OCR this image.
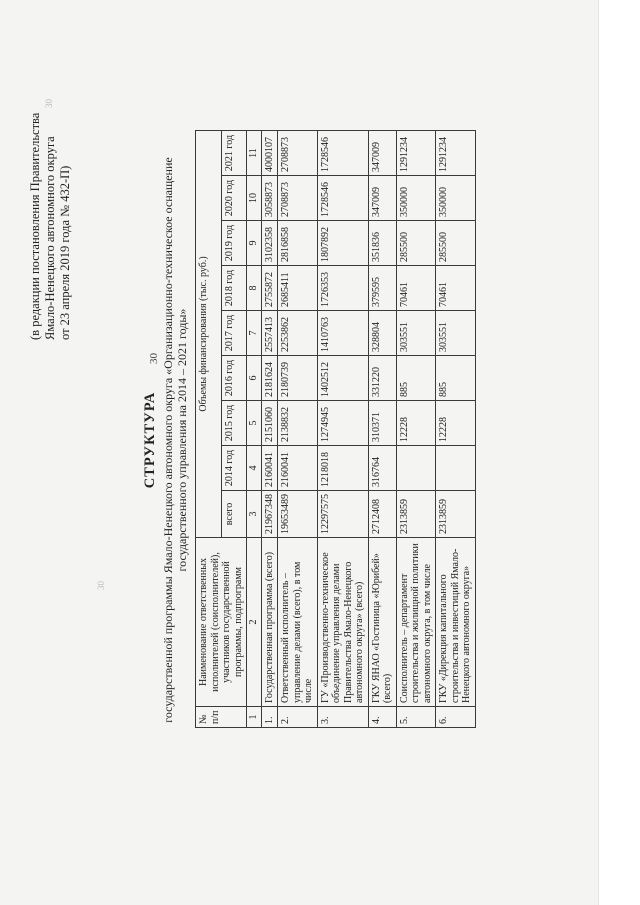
30
30
30
(в редакции постановления Правительства Ямало-Ненецкого автономного округа от 23 апреля 2019 года № 432-П)
СТРУКТУРА государственной программы Ямало-Ненецкого автономного округа «Организационно-техническое оснащение государственного управления на 2014 – 2021 годы»
№ п/п	Наименование ответственных исполнителей (соисполнителей), участников государственной программы, подпрограмм	Объемы финансирования (тыс. руб.)								
		всего	2014 год	2015 год	2016 год	2017 год	2018 год	2019 год	2020 год	2021 год
1	2	3	4	5	6	7	8	9	10	11
1.	Государственная программа (всего)	21967348	2160041	2151060	2181624	2557413	2755872	3102358	3058873	4000107
2.	Ответственный исполнитель – управление делами (всего), в том числе	19653489	2160041	2138832	2180739	2253862	2685411	2816858	2708873	2708873
3.	ГУ «Производственно-техническое объединение управления делами Правительства Ямало-Ненецкого автономного округа» (всего)	12297575	1218018	1274945	1402512	1410763	1726353	1807892	1728546	1728546
4.	ГКУ ЯНАО «Гостиница «Юрибей» (всего)	2712408	316764	310371	331220	328804	379595	351836	347009	347009
5.	Соисполнитель – департамент строительства и жилищной политики автономного округа, в том числе	2313859		12228	885	303551	70461	285500	350000	1291234
6.	ГКУ «Дирекция капитального строительства и инвестиций Ямало-Ненецкого автономного округа»	2313859		12228	885	303551	70461	285500	350000	1291234
